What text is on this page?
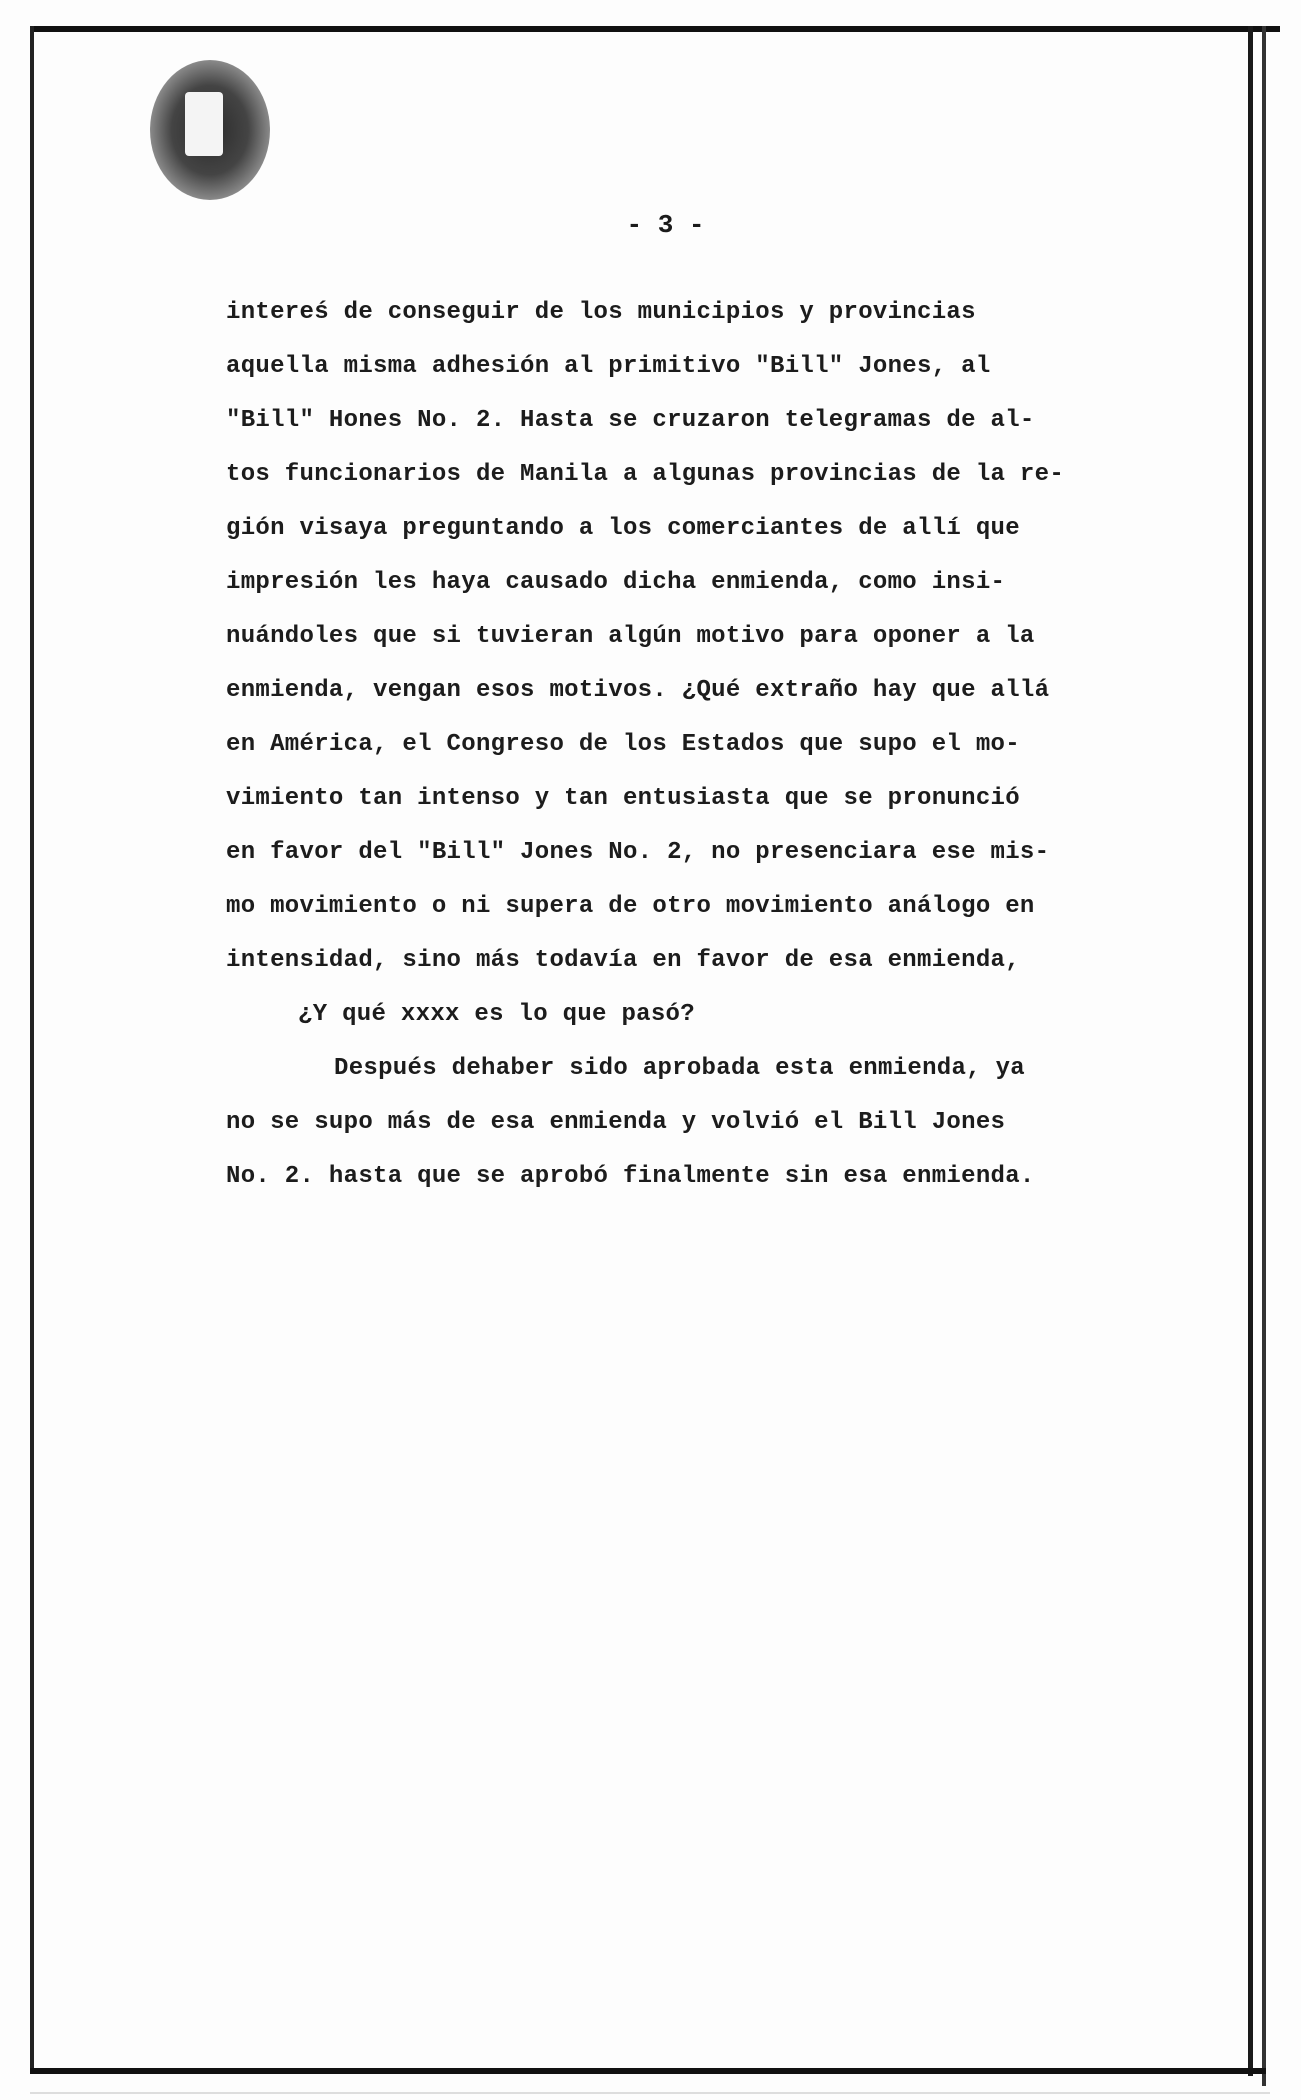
- 3 -
intereś de conseguir de los municipios y provincias
aquella misma adhesión al primitivo "Bill" Jones, al
"Bill" Hones No. 2. Hasta se cruzaron telegramas de al-
tos funcionarios de Manila a algunas provincias de la re-
gión visaya preguntando a los comerciantes de allí que
impresión les haya causado dicha enmienda, como insi-
nuándoles que si tuvieran algún motivo para oponer a la
enmienda, vengan esos motivos. ¿Qué extraño hay que allá
en América, el Congreso de los Estados que supo el mo-
vimiento tan intenso y tan entusiasta que se pronunció
en favor del "Bill" Jones No. 2, no presenciara ese mis-
mo movimiento o ni supera de otro movimiento análogo en
intensidad, sino más todavía en favor de esa enmienda,
¿Y qué xxxx es lo que pasó?
Después dehaber sido aprobada esta enmienda, ya
no se supo más de esa enmienda y volvió el Bill Jones
No. 2. hasta que se aprobó finalmente sin esa enmienda.
